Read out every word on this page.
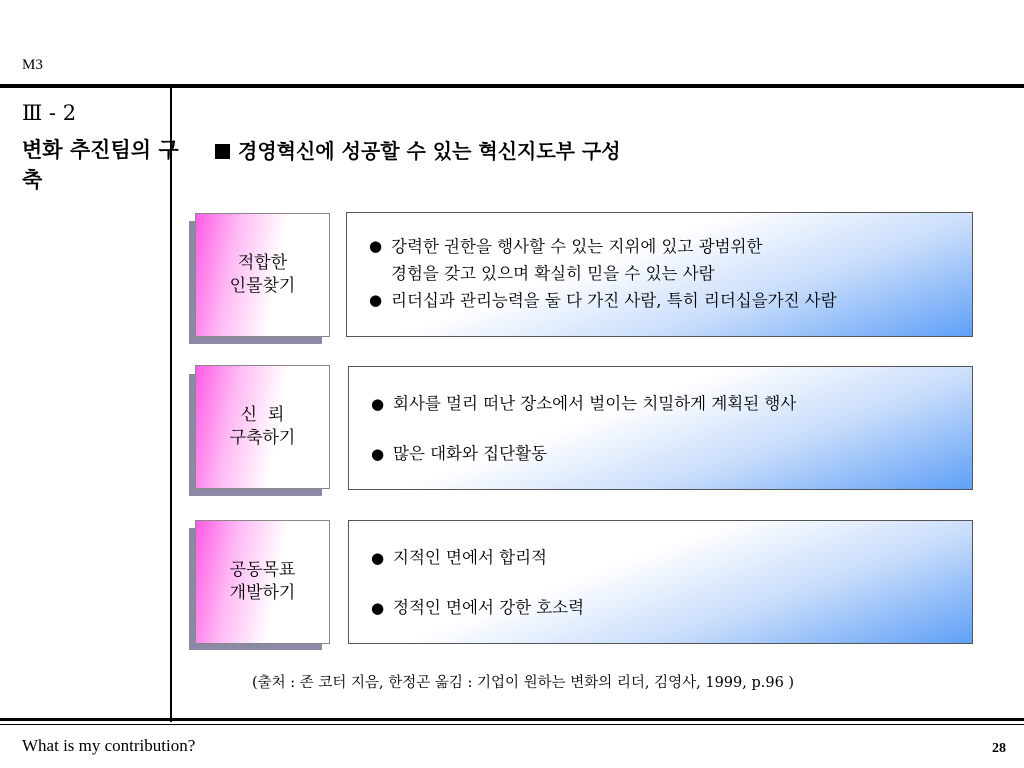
M3
Ⅲ - 2
변화 추진팀의 구축
경영혁신에 성공할 수 있는 혁신지도부 구성
적합한
인물찾기
● 강력한 권한을 행사할 수 있는 지위에 있고 광범위한
경험을 갖고 있으며 확실히 믿을 수 있는 사람
● 리더십과 관리능력을 둘 다 가진 사람, 특히 리더십을가진 사람
신  뢰
구축하기
● 회사를 멀리 떠난 장소에서 벌이는 치밀하게 계획된 행사
● 많은 대화와 집단활동
공동목표
개발하기
● 지적인 면에서 합리적
● 정적인 면에서 강한 호소력
(출처 : 존 코터 지음, 한정곤 옮김 : 기업이 원하는 변화의 리더, 김영사, 1999, p.96 )
What is my contribution?	28
